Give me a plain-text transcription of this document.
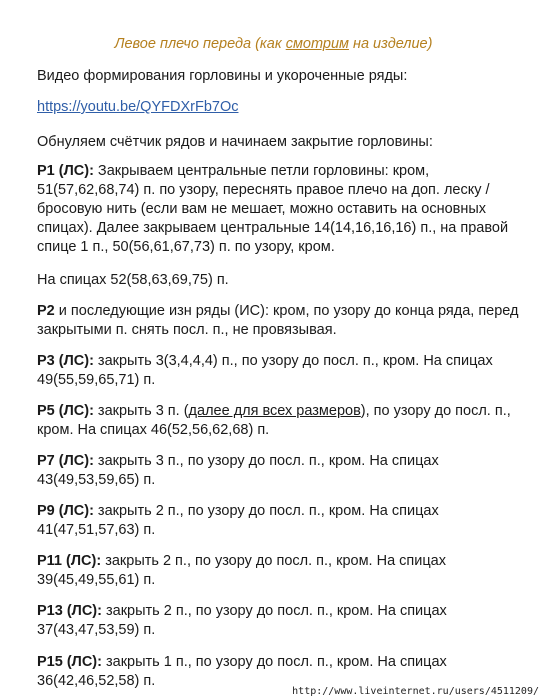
Левое плечо переда (как смотрим на изделие)
Видео формирования горловины и укороченные ряды:
https://youtu.be/QYFDXrFb7Oc
Обнуляем счётчик рядов и начинаем закрытие горловины:
Р1 (ЛС): Закрываем центральные петли горловины: кром, 51(57,62,68,74) п. по узору, переснять правое плечо на доп. леску / бросовую нить (если вам не мешает, можно оставить на основных спицах). Далее закрываем центральные 14(14,16,16,16) п., на правой спице 1 п., 50(56,61,67,73) п. по узору, кром.
На спицах 52(58,63,69,75) п.
Р2 и последующие изн ряды (ИС): кром, по узору до конца ряда, перед закрытыми п. снять посл. п., не провязывая.
Р3 (ЛС): закрыть 3(3,4,4,4) п., по узору до посл. п., кром. На спицах 49(55,59,65,71) п.
Р5 (ЛС): закрыть 3 п. (далее для всех размеров), по узору до посл. п., кром. На спицах 46(52,56,62,68) п.
Р7 (ЛС): закрыть 3 п., по узору до посл. п., кром. На спицах 43(49,53,59,65) п.
Р9 (ЛС): закрыть 2 п., по узору до посл. п., кром. На спицах 41(47,51,57,63) п.
Р11 (ЛС): закрыть 2 п., по узору до посл. п., кром. На спицах 39(45,49,55,61) п.
Р13 (ЛС): закрыть 2 п., по узору до посл. п., кром. На спицах 37(43,47,53,59) п.
Р15 (ЛС): закрыть 1 п., по узору до посл. п., кром. На спицах 36(42,46,52,58) п.
http://www.liveinternet.ru/users/4511209/
